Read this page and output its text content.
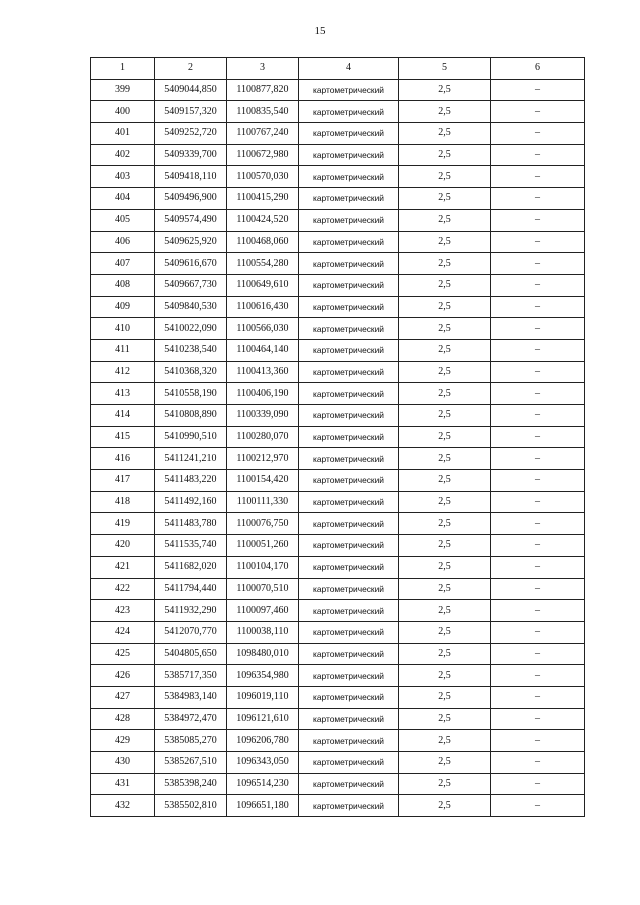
15
1	2	3	4	5	6
399	5409044,850	1100877,820	картометрический	2,5	–
400	5409157,320	1100835,540	картометрический	2,5	–
401	5409252,720	1100767,240	картометрический	2,5	–
402	5409339,700	1100672,980	картометрический	2,5	–
403	5409418,110	1100570,030	картометрический	2,5	–
404	5409496,900	1100415,290	картометрический	2,5	–
405	5409574,490	1100424,520	картометрический	2,5	–
406	5409625,920	1100468,060	картометрический	2,5	–
407	5409616,670	1100554,280	картометрический	2,5	–
408	5409667,730	1100649,610	картометрический	2,5	–
409	5409840,530	1100616,430	картометрический	2,5	–
410	5410022,090	1100566,030	картометрический	2,5	–
411	5410238,540	1100464,140	картометрический	2,5	–
412	5410368,320	1100413,360	картометрический	2,5	–
413	5410558,190	1100406,190	картометрический	2,5	–
414	5410808,890	1100339,090	картометрический	2,5	–
415	5410990,510	1100280,070	картометрический	2,5	–
416	5411241,210	1100212,970	картометрический	2,5	–
417	5411483,220	1100154,420	картометрический	2,5	–
418	5411492,160	1100111,330	картометрический	2,5	–
419	5411483,780	1100076,750	картометрический	2,5	–
420	5411535,740	1100051,260	картометрический	2,5	–
421	5411682,020	1100104,170	картометрический	2,5	–
422	5411794,440	1100070,510	картометрический	2,5	–
423	5411932,290	1100097,460	картометрический	2,5	–
424	5412070,770	1100038,110	картометрический	2,5	–
425	5404805,650	1098480,010	картометрический	2,5	–
426	5385717,350	1096354,980	картометрический	2,5	–
427	5384983,140	1096019,110	картометрический	2,5	–
428	5384972,470	1096121,610	картометрический	2,5	–
429	5385085,270	1096206,780	картометрический	2,5	–
430	5385267,510	1096343,050	картометрический	2,5	–
431	5385398,240	1096514,230	картометрический	2,5	–
432	5385502,810	1096651,180	картометрический	2,5	–
